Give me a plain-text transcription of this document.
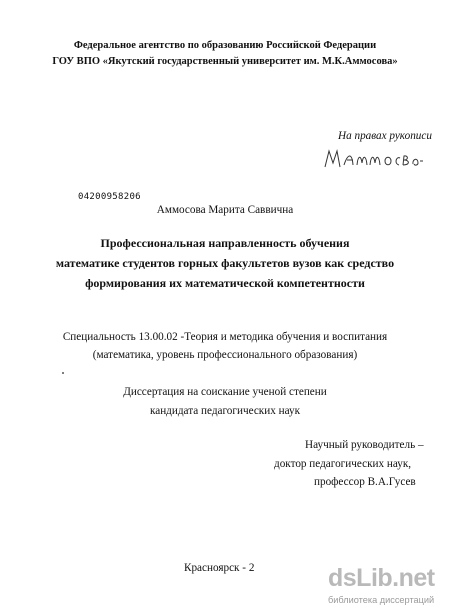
Федеральное агентство по образованию Российской Федерации
ГОУ ВПО «Якутский государственный университет им. М.К.Аммосова»
На правах рукописи
04200958206
Аммосова Марита Саввична
Профессиональная направленность обучения
математике студентов горных факультетов вузов как средство
формирования их математической компетентности
Специальность 13.00.02 -Теория и методика обучения и воспитания
(математика, уровень профессионального образования)
Диссертация на соискание ученой степени
кандидата педагогических наук
Научный руководитель –
доктор педагогических наук,
профессор В.А.Гусев
Красноярск - 2	dsLib.net
библиотека диссертаций
